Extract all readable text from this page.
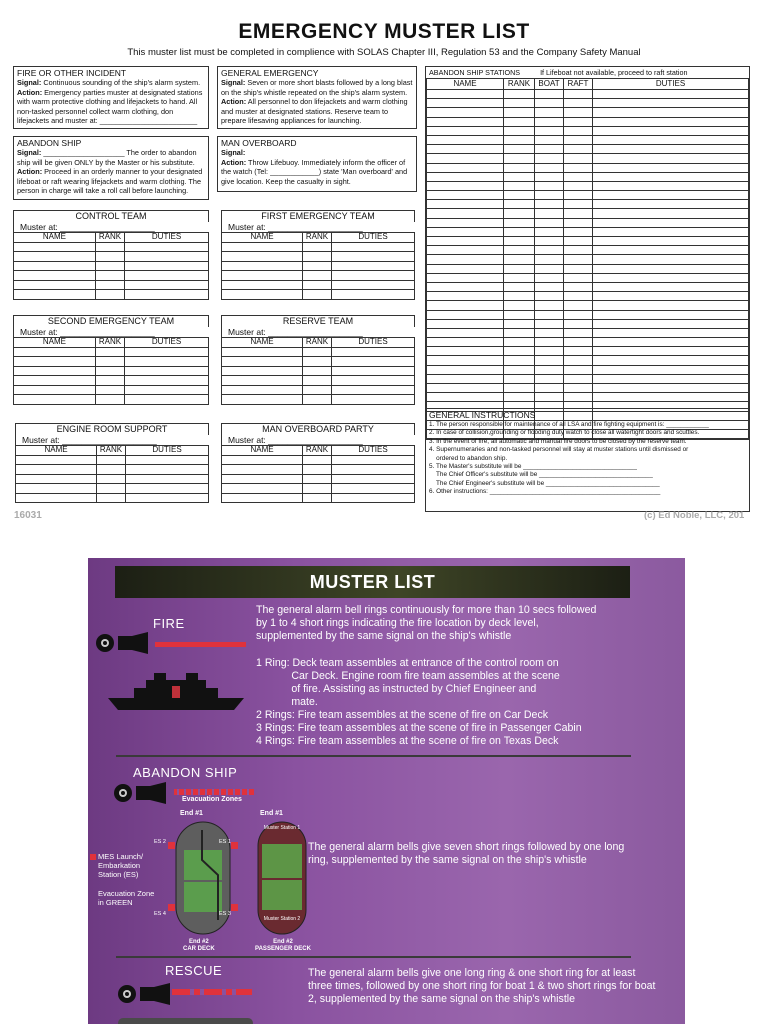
EMERGENCY MUSTER LIST
This muster list must be completed in complience with SOLAS Chapter III, Regulation 53 and the Company Safety Manual
FIRE OR OTHER INCIDENT
Signal: Continuous sounding of the ship's alarm system.
Action: Emergency parties muster at designated stations with warm protective clothing and lifejackets to hand. All non-tasked personnel collect warm clothing, don lifejackets and muster at: ________________________
GENERAL EMERGENCY
Signal: Seven or more short blasts followed by a long blast on the ship's whistle repeated on the ship's alarm system.
Action: All personnel to don lifejackets and warm clothing and muster at designated stations. Reserve team to prepare lifesaving appliances for launching.
ABANDON SHIP
Signal: ____________________ The order to abandon ship will be given ONLY by the Master or his substitute.
Action: Proceed in an orderly manner to your designated lifeboat or raft wearing lifejackets and warm clothing. The person in charge will take a roll call before launching.
MAN OVERBOARD
Signal:
Action: Throw Lifebuoy. Immediately inform the officer of the watch (Tel: ____________) state 'Man overboard' and give location. Keep the casualty in sight.
CONTROL TEAM
Muster at: ____________________
NAME	RANK	DUTIES

FIRST EMERGENCY TEAM
Muster at: ____________________
NAME	RANK	DUTIES

SECOND EMERGENCY TEAM
Muster at: ____________________
NAME	RANK	DUTIES

RESERVE TEAM
Muster at: ____________________
NAME	RANK	DUTIES

ENGINE ROOM SUPPORT
Muster at: ____________________
NAME	RANK	DUTIES

MAN OVERBOARD PARTY
Muster at: ____________________
NAME	RANK	DUTIES

ABANDON SHIP STATIONS	If Lifeboat not available, proceed to raft station
NAME	RANK	BOAT	RAFT	DUTIES

GENERAL INSTRUCTIONS
1. The person responsible for maintenance of all LSA and fire fighting equipment is: ____________
2. In case of collision,grounding or flooding duty watch to close all watertight doors and scuttles.
3. In the event of fire, all automatic and manual fire doors to be closed by the reserve team.
4. Supernumeraries and non-tasked personnel will stay at muster stations until dismissed or
ordered to abandon ship.
5. The Master's substitute will be ________________________________
The Chief Officer's substitute will be ________________________________
The Chief Engineer's substitute will be ________________________________
6. Other instructions: ________________________________________________
16031	(c) Ed Noble, LLC, 201
MUSTER LIST
FIRE
The general alarm bell rings continuously for more than 10 secs followed by 1 to 4 short rings indicating the fire location by deck level, supplemented by the same signal on the ship's whistle
1 Ring: Deck team assembles at entrance of the control room on
Car Deck. Engine room fire team assembles at the scene
of fire. Assisting as instructed by Chief Engineer and
mate.
2 Rings: Fire team assembles at the scene of fire on Car Deck
3 Rings: Fire team assembles at the scene of fire in Passenger Cabin
4 Rings: Fire team assembles at the scene of fire on Texas Deck
ABANDON SHIP
Evacuation Zones
End #1	End #1
ES 2	ES 1
ES 4	ES 3
Muster Station 1
Muster Station 2
MES Launch/ Embarkation Station (ES)
Evacuation Zone in GREEN
End #2
CAR DECK
End #2
PASSENGER DECK
The general alarm bells give seven short rings followed by one long ring, supplemented by the same signal on the ship's whistle
RESCUE	The general alarm bells give one long ring & one short ring for at least three times, followed by one short ring for boat 1 & two short rings for boat 2, supplemented by the same signal on the ship's whistle
